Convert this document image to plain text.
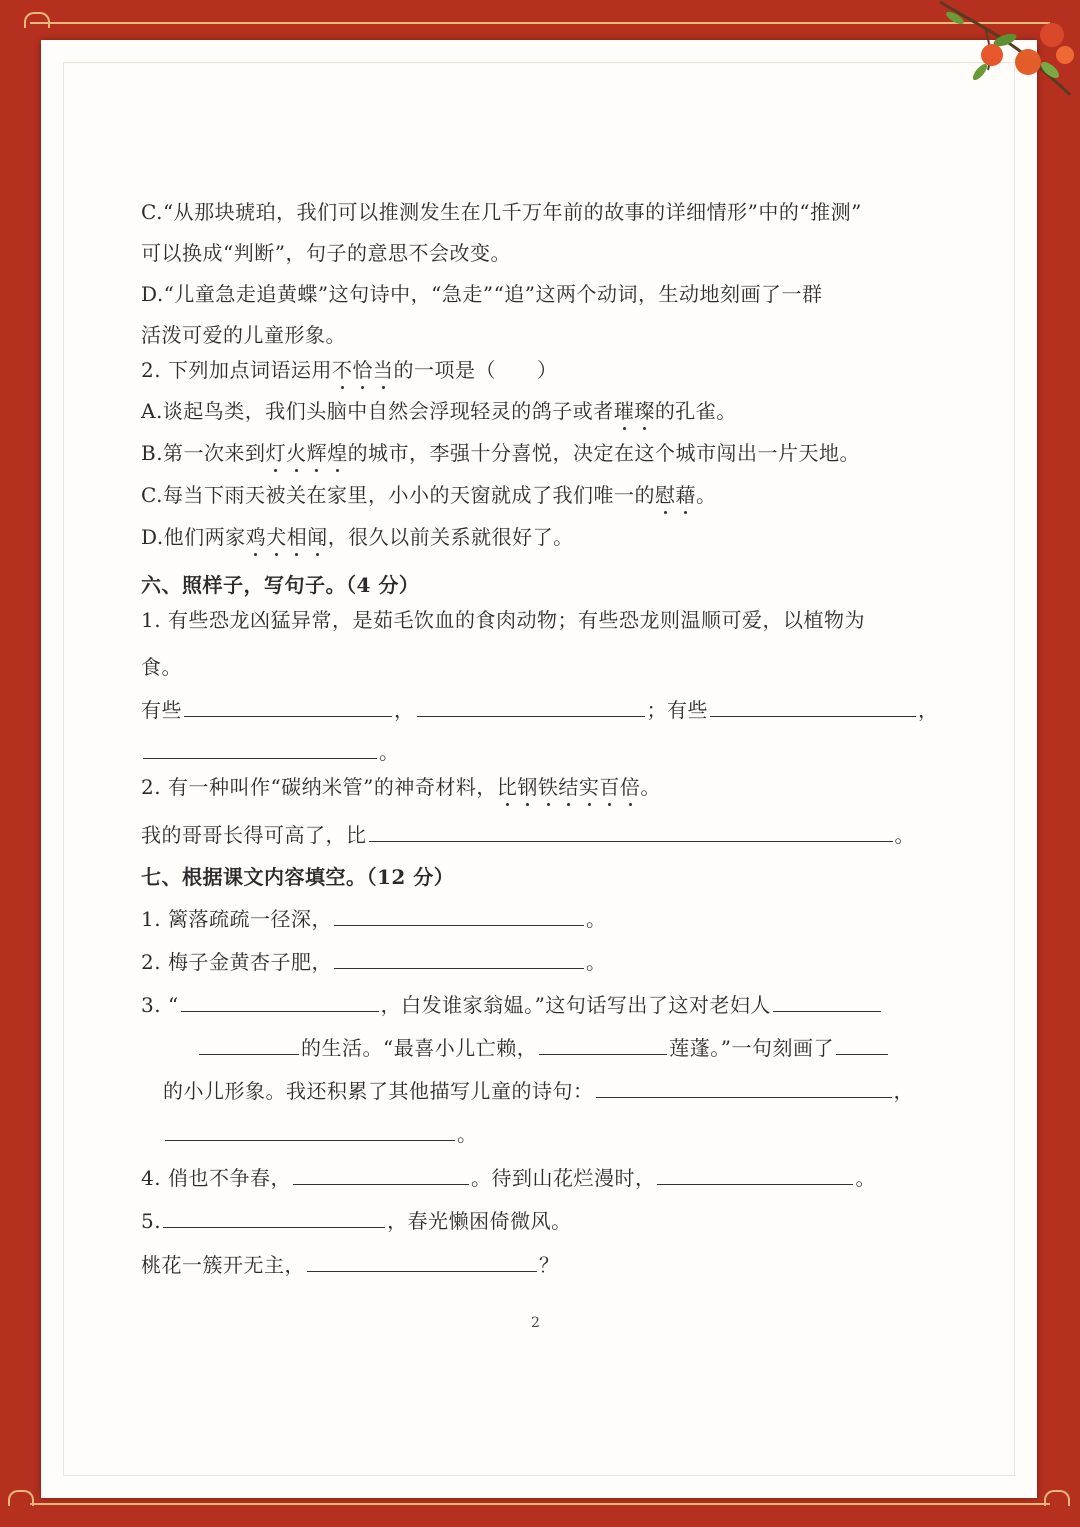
C.“从那块琥珀，我们可以推测发生在几千万年前的故事的详细情形”中的“推测”
可以换成“判断”，句子的意思不会改变。
D.“儿童急走追黄蝶”这句诗中，“急走”“追”这两个动词，生动地刻画了一群
活泼可爱的儿童形象。
2. 下列加点词语运用不恰当的一项是（　　）
A.谈起鸟类，我们头脑中自然会浮现轻灵的鸽子或者璀璨的孔雀。
B.第一次来到灯火辉煌的城市，李强十分喜悦，决定在这个城市闯出一片天地。
C.每当下雨天被关在家里，小小的天窗就成了我们唯一的慰藉。
D.他们两家鸡犬相闻，很久以前关系就很好了。
六、照样子，写句子。（4 分）
1. 有些恐龙凶猛异常，是茹毛饮血的食肉动物；有些恐龙则温顺可爱，以植物为
食。
有些	，	；有些	，
。
2. 有一种叫作“碳纳米管”的神奇材料，比钢铁结实百倍。
我的哥哥长得可高了，比	。
七、根据课文内容填空。（12 分）
1. 篱落疏疏一径深，	。
2. 梅子金黄杏子肥，	。
3. “	，白发谁家翁媪。”这句话写出了这对老妇人
的生活。“最喜小儿亡赖，	莲蓬。”一句刻画了
的小儿形象。我还积累了其他描写儿童的诗句：	，
。
4. 俏也不争春，	。待到山花烂漫时，	。
5.	，春光懒困倚微风。
桃花一簇开无主，	？
2
